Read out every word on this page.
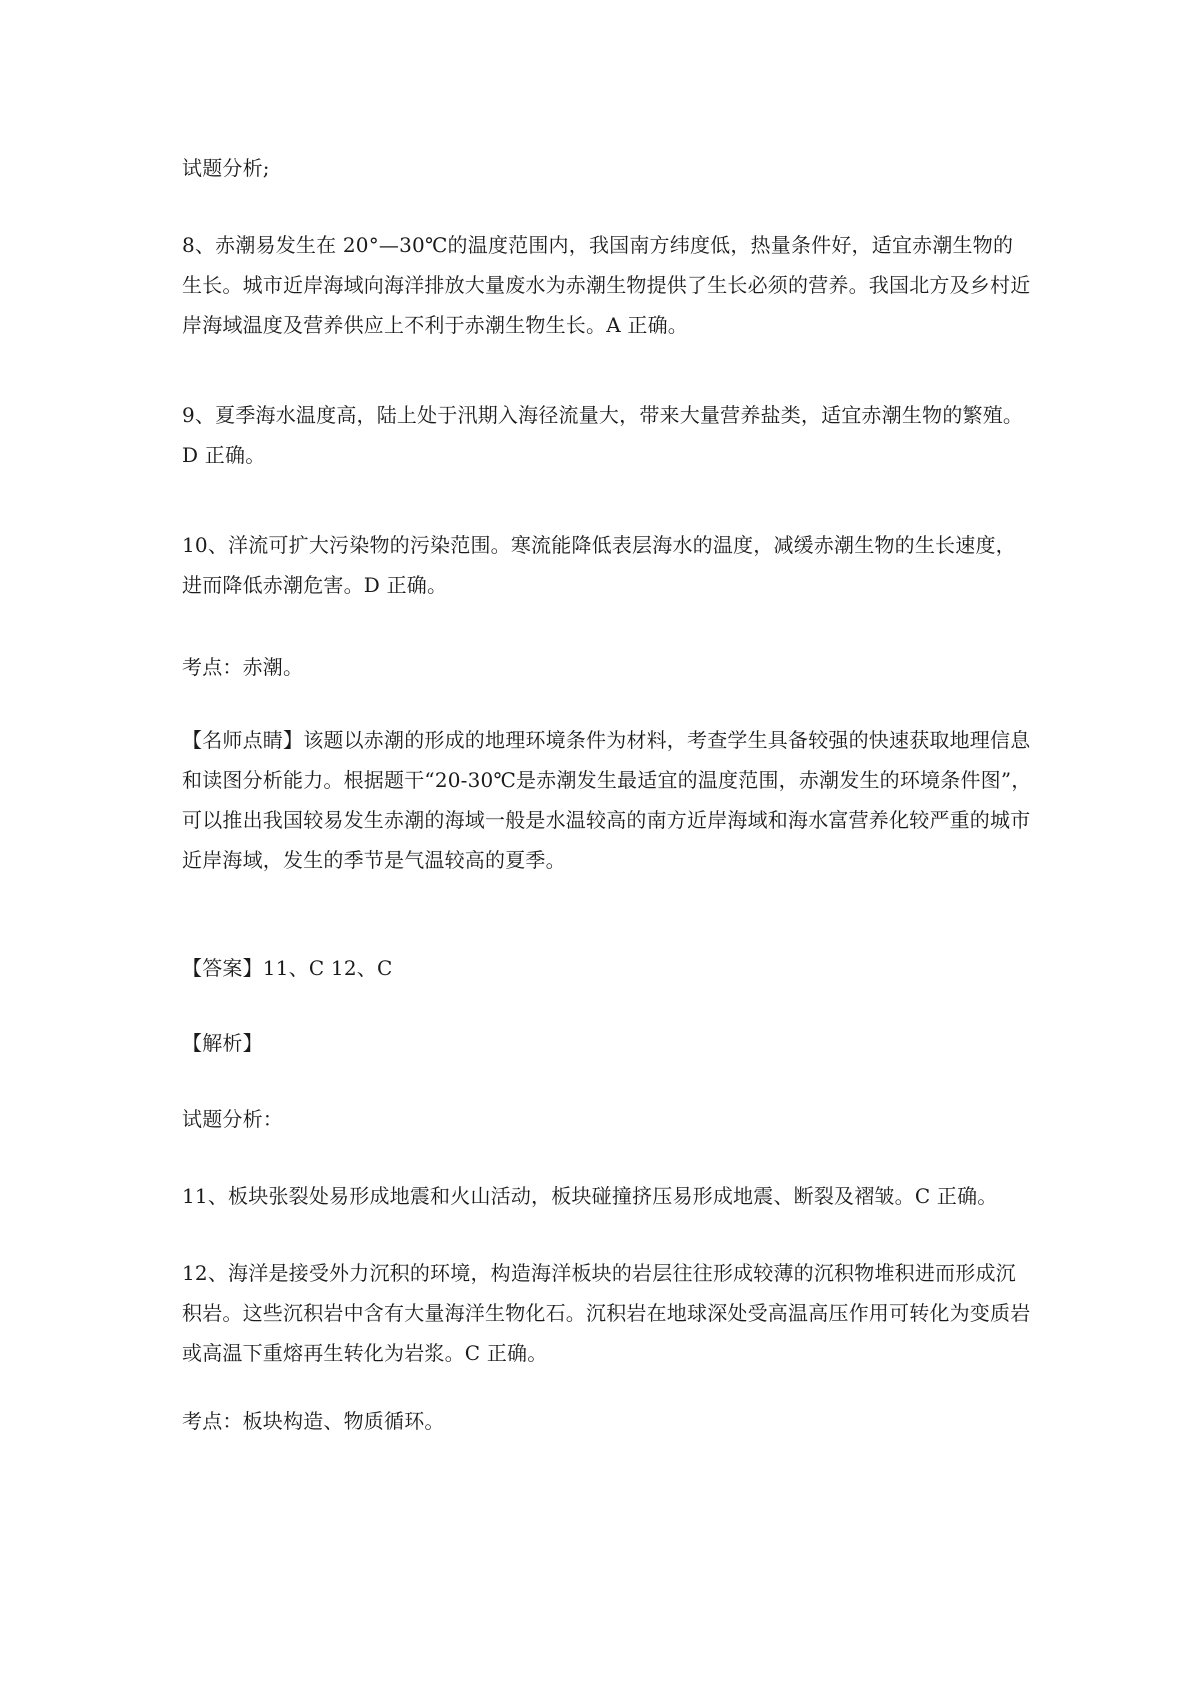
试题分析;

8、赤潮易发生在 20°—30℃的温度范围内，我国南方纬度低，热量条件好，适宜赤潮生物的生长。城市近岸海域向海洋排放大量废水为赤潮生物提供了生长必须的营养。我国北方及乡村近岸海域温度及营养供应上不利于赤潮生物生长。A 正确。

9、夏季海水温度高，陆上处于汛期入海径流量大，带来大量营养盐类，适宜赤潮生物的繁殖。D 正确。

10、洋流可扩大污染物的污染范围。寒流能降低表层海水的温度，减缓赤潮生物的生长速度，进而降低赤潮危害。D 正确。

考点：赤潮。

【名师点睛】该题以赤潮的形成的地理环境条件为材料，考查学生具备较强的快速获取地理信息和读图分析能力。根据题干“20-30℃是赤潮发生最适宜的温度范围，赤潮发生的环境条件图”，可以推出我国较易发生赤潮的海域一般是水温较高的南方近岸海域和海水富营养化较严重的城市近岸海域，发生的季节是气温较高的夏季。

【答案】11、C 12、C

【解析】

试题分析：

11、板块张裂处易形成地震和火山活动，板块碰撞挤压易形成地震、断裂及褶皱。C 正确。

12、海洋是接受外力沉积的环境，构造海洋板块的岩层往往形成较薄的沉积物堆积进而形成沉积岩。这些沉积岩中含有大量海洋生物化石。沉积岩在地球深处受高温高压作用可转化为变质岩或高温下重熔再生转化为岩浆。C 正确。

考点：板块构造、物质循环。
